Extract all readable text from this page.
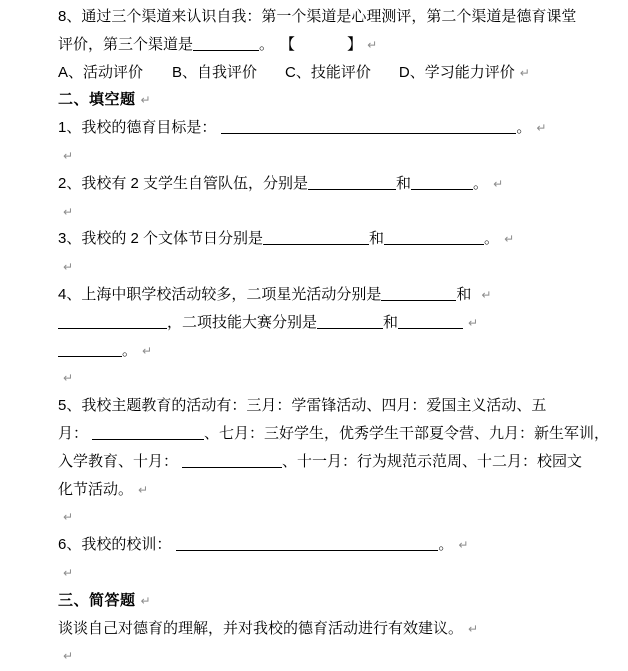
8、通过三个渠道来认识自我：第一个渠道是心理测评，第二个渠道是德育课堂
评价，第三个渠道是	。 【	】 ↵
A、活动评价 B、自我评价 C、技能评价 D、学习能力评价 ↵
二、填空题 ↵
1、我校的德育目标是：	。 ↵
↵
2、我校有 2 支学生自管队伍，分别是	和	。 ↵
↵
3、我校的 2 个文体节日分别是	和	。 ↵
↵
4、上海中职学校活动较多，二项星光活动分别是	和 ↵
，二项技能大赛分别是	和	↵
。 ↵
↵
5、我校主题教育的活动有：三月：学雷锋活动、四月：爱国主义活动、五
月：	、七月：三好学生，优秀学生干部夏令营、九月：新生军训，
入学教育、十月：	、十一月：行为规范示范周、十二月：校园文
化节活动。 ↵
↵
6、我校的校训：	。 ↵
↵
三、简答题 ↵
谈谈自己对德育的理解，并对我校的德育活动进行有效建议。 ↵
↵
